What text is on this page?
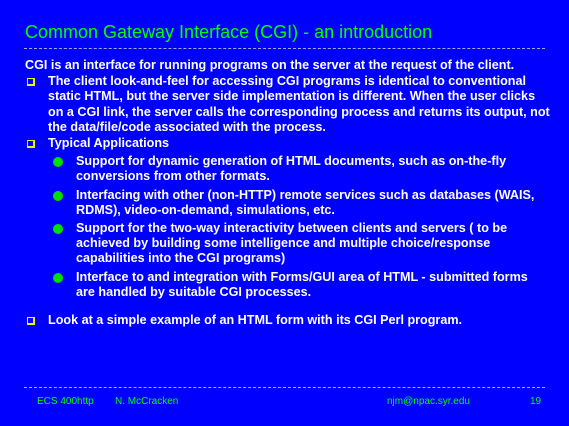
Common Gateway Interface (CGI) - an introduction

CGI is an interface for running programs on the server at the request of the client.

The client look-and-feel for accessing CGI programs is identical to conventional static HTML, but the server side implementation is different. When the user clicks on a CGI link, the server calls the corresponding process and returns its output, not the data/file/code associated with the process.
Typical Applications
Support for dynamic generation of HTML documents, such as on-the-fly conversions from other formats.
Interfacing with other (non-HTTP) remote services such as databases (WAIS, RDMS), video-on-demand, simulations, etc.
Support for the two-way interactivity between clients and servers ( to be achieved by building some intelligence and multiple choice/response capabilities into the CGI programs)
Interface to and integration with Forms/GUI area of HTML - submitted forms are handled by suitable CGI processes.
Look at a simple example of an HTML form with its CGI Perl program.
ECS 400http N. McCracken	njm@npac.syr.edu	19
